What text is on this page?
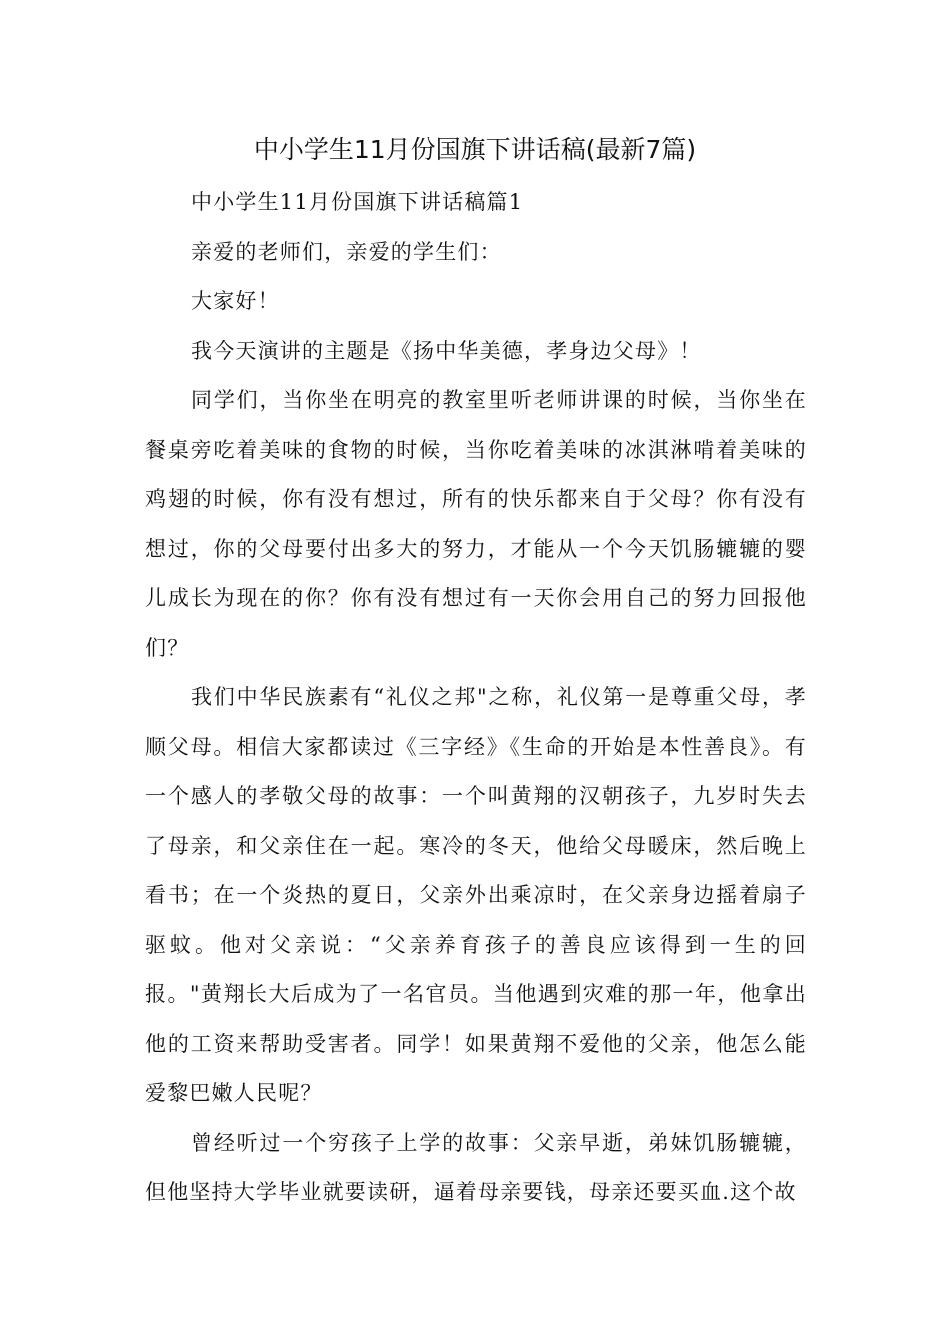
中小学生11月份国旗下讲话稿(最新7篇)

中小学生11月份国旗下讲话稿篇1

亲爱的老师们，亲爱的学生们：

大家好！

我今天演讲的主题是《扬中华美德，孝身边父母》！

同学们，当你坐在明亮的教室里听老师讲课的时候，当你坐在餐桌旁吃着美味的食物的时候，当你吃着美味的冰淇淋啃着美味的鸡翅的时候，你有没有想过，所有的快乐都来自于父母？你有没有想过，你的父母要付出多大的努力，才能从一个今天饥肠辘辘的婴儿成长为现在的你？你有没有想过有一天你会用自己的努力回报他们？

我们中华民族素有“礼仪之邦"之称，礼仪第一是尊重父母，孝顺父母。相信大家都读过《三字经》《生命的开始是本性善良》。有一个感人的孝敬父母的故事：一个叫黄翔的汉朝孩子，九岁时失去了母亲，和父亲住在一起。寒冷的冬天，他给父母暖床，然后晚上看书；在一个炎热的夏日，父亲外出乘凉时，在父亲身边摇着扇子驱蚊。他对父亲说：“父亲养育孩子的善良应该得到一生的回报。"黄翔长大后成为了一名官员。当他遇到灾难的那一年，他拿出他的工资来帮助受害者。同学！如果黄翔不爱他的父亲，他怎么能爱黎巴嫩人民呢？

曾经听过一个穷孩子上学的故事：父亲早逝，弟妹饥肠辘辘，但他坚持大学毕业就要读研，逼着母亲要钱，母亲还要买血.这个故
